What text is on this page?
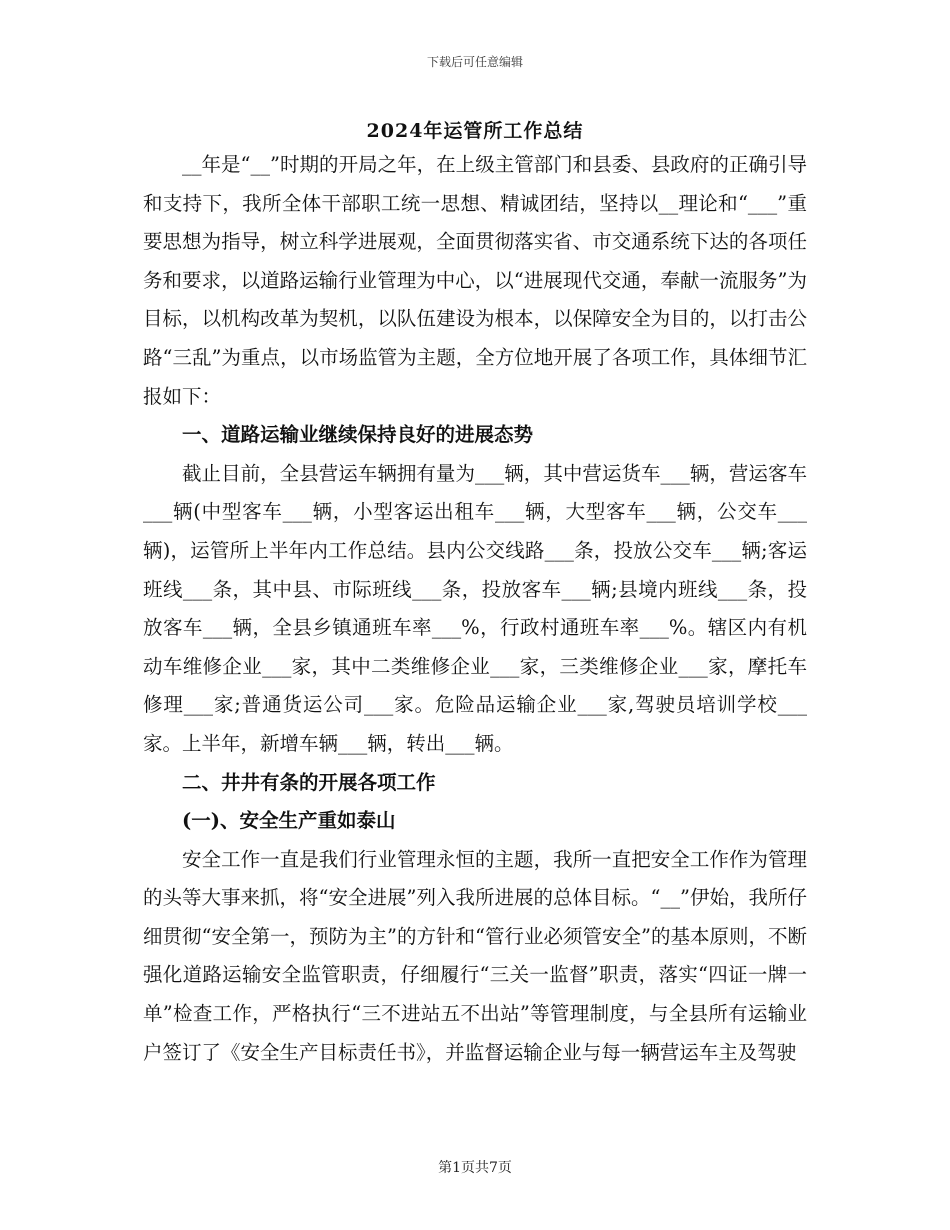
下载后可任意编辑
2024年运管所工作总结

__年是“__”时期的开局之年，在上级主管部门和县委、县政府的正确引导和支持下，我所全体干部职工统一思想、精诚团结，坚持以__理论和“___”重要思想为指导，树立科学进展观，全面贯彻落实省、市交通系统下达的各项任务和要求，以道路运输行业管理为中心，以“进展现代交通，奉献一流服务”为目标，以机构改革为契机，以队伍建设为根本，以保障安全为目的，以打击公路“三乱”为重点，以市场监管为主题，全方位地开展了各项工作，具体细节汇报如下：

一、道路运输业继续保持良好的进展态势

截止目前，全县营运车辆拥有量为___辆，其中营运货车___辆，营运客车___辆(中型客车___辆，小型客运出租车___辆，大型客车___辆，公交车___辆)，运管所上半年内工作总结。县内公交线路___条，投放公交车___辆;客运班线___条，其中县、市际班线___条，投放客车___辆;县境内班线___条，投放客车___辆，全县乡镇通班车率___%，行政村通班车率___%。辖区内有机动车维修企业___家，其中二类维修企业___家，三类维修企业___家，摩托车修理___家;普通货运公司___家。危险品运输企业___家,驾驶员培训学校___家。上半年，新增车辆___辆，转出___辆。

二、井井有条的开展各项工作

(一)、安全生产重如泰山

安全工作一直是我们行业管理永恒的主题，我所一直把安全工作作为管理的头等大事来抓，将“安全进展”列入我所进展的总体目标。“__”伊始，我所仔细贯彻“安全第一，预防为主”的方针和“管行业必须管安全”的基本原则，不断强化道路运输安全监管职责，仔细履行“三关一监督”职责，落实“四证一牌一单”检查工作，严格执行“三不进站五不出站”等管理制度，与全县所有运输业户签订了《安全生产目标责任书》，并监督运输企业与每一辆营运车主及驾驶

第1页共7页
